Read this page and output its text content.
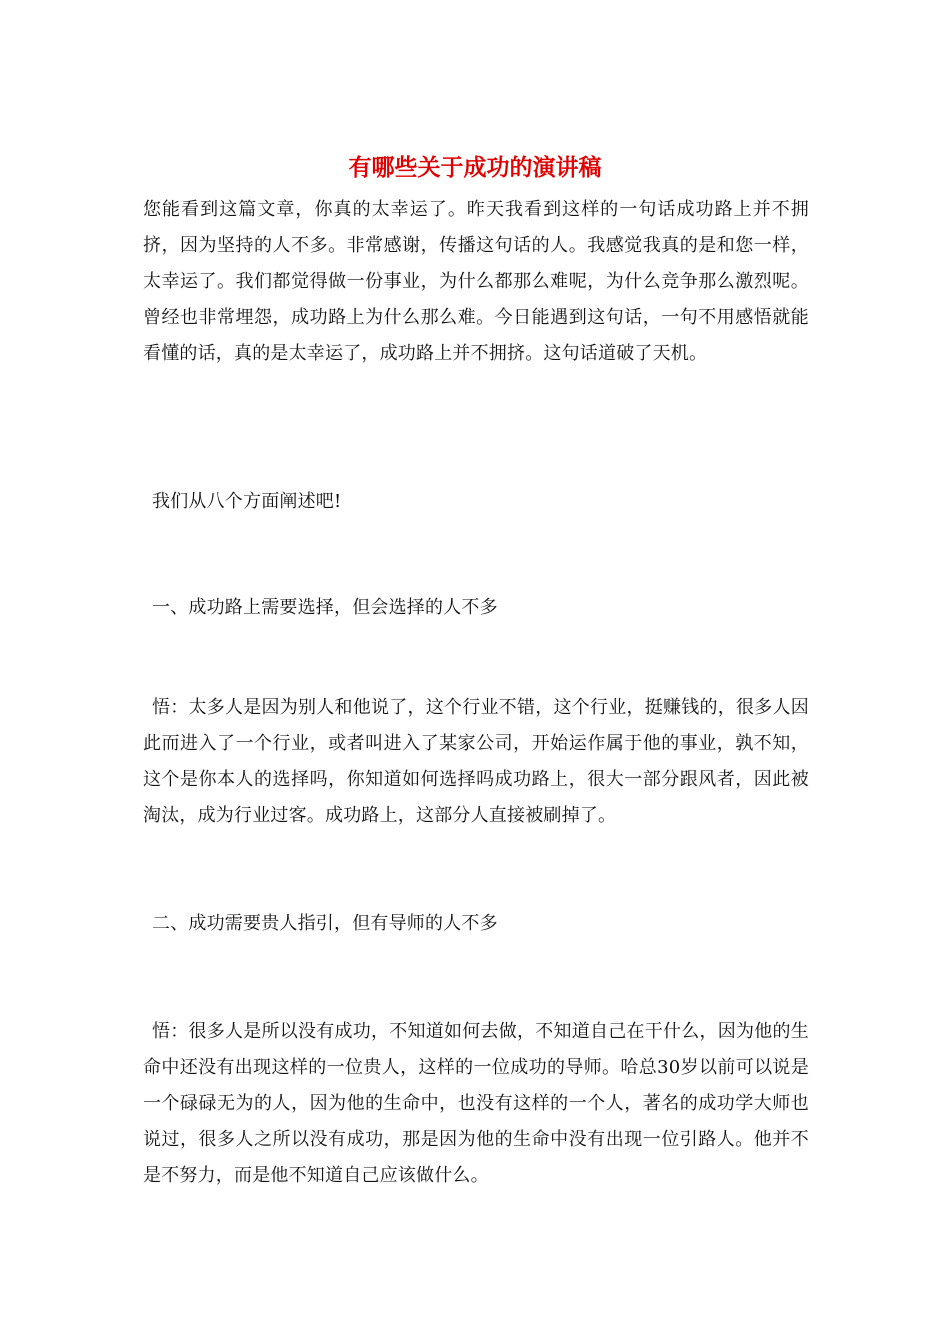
有哪些关于成功的演讲稿

您能看到这篇文章，你真的太幸运了。昨天我看到这样的一句话成功路上并不拥挤，因为坚持的人不多。非常感谢，传播这句话的人。我感觉我真的是和您一样，太幸运了。我们都觉得做一份事业，为什么都那么难呢，为什么竞争那么激烈呢。曾经也非常埋怨，成功路上为什么那么难。今日能遇到这句话，一句不用感悟就能看懂的话，真的是太幸运了，成功路上并不拥挤。这句话道破了天机。

我们从八个方面阐述吧!

一、成功路上需要选择，但会选择的人不多

悟：太多人是因为别人和他说了，这个行业不错，这个行业，挺赚钱的，很多人因此而进入了一个行业，或者叫进入了某家公司，开始运作属于他的事业，孰不知，这个是你本人的选择吗，你知道如何选择吗成功路上，很大一部分跟风者，因此被淘汰，成为行业过客。成功路上，这部分人直接被刷掉了。

二、成功需要贵人指引，但有导师的人不多

悟：很多人是所以没有成功，不知道如何去做，不知道自己在干什么，因为他的生命中还没有出现这样的一位贵人，这样的一位成功的导师。哈总30岁以前可以说是一个碌碌无为的人，因为他的生命中，也没有这样的一个人，著名的成功学大师也说过，很多人之所以没有成功，那是因为他的生命中没有出现一位引路人。他并不是不努力，而是他不知道自己应该做什么。
